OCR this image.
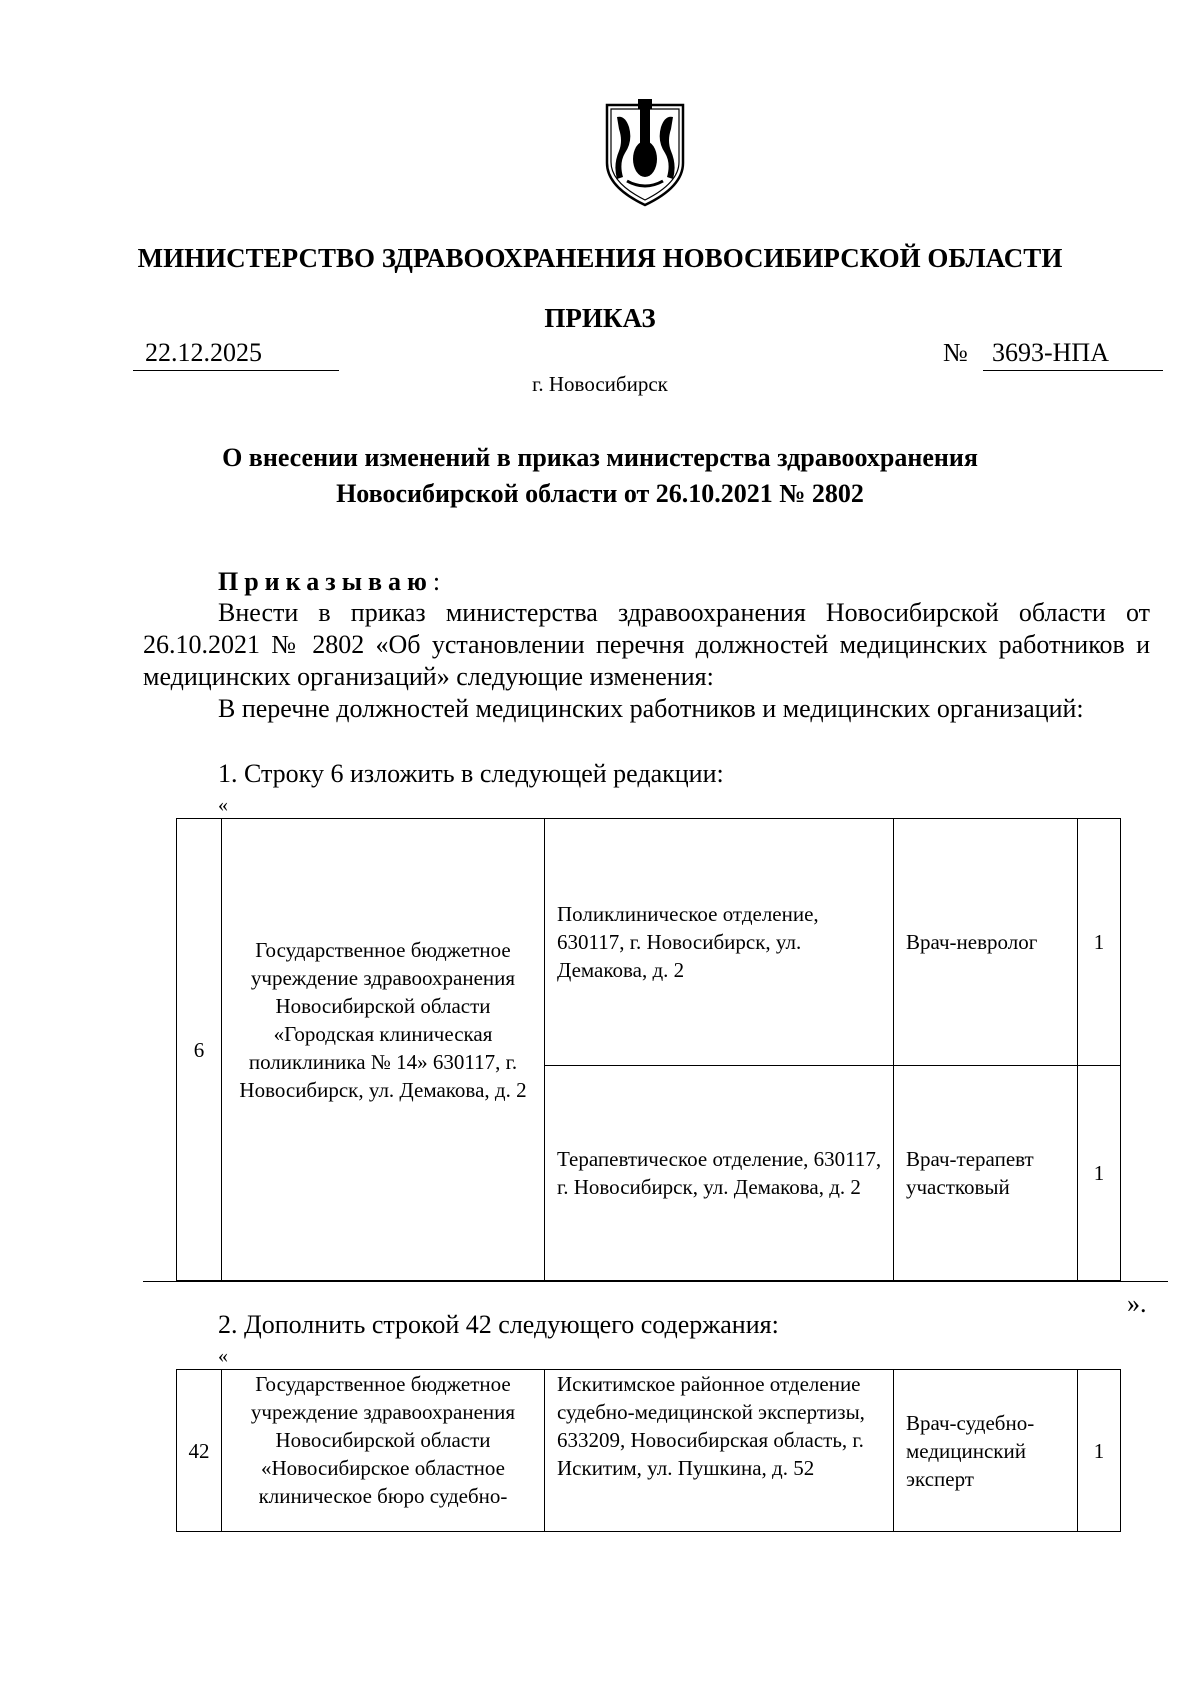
МИНИСТЕРСТВО ЗДРАВООХРАНЕНИЯ НОВОСИБИРСКОЙ ОБЛАСТИ
ПРИКАЗ
22.12.2025	№ 3693-НПА
г. Новосибирск
О внесении изменений в приказ министерства здравоохранения
Новосибирской области от 26.10.2021 № 2802
Приказываю:

Внести в приказ министерства здравоохранения Новосибирской области от 26.10.2021 № 2802 «Об установлении перечня должностей медицинских работников и медицинских организаций» следующие изменения:

В перечне должностей медицинских работников и медицинских организаций:

1. Строку 6 изложить в следующей редакции:
«
6	Государственное бюджетное учреждение здравоохранения Новосибирской области «Городская клиническая поликлиника № 14» 630117, г. Новосибирск, ул. Демакова, д. 2	Поликлиническое отделение, 630117, г. Новосибирск, ул. Демакова, д. 2	Врач-невролог	1
		Терапевтическое отделение, 630117, г. Новосибирск, ул. Демакова, д. 2	Врач-терапевт участковый	1
».
2. Дополнить строкой 42 следующего содержания:
«
42	Государственное бюджетное учреждение здравоохранения Новосибирской области «Новосибирское областное клиническое бюро судебно-	Искитимское районное отделение судебно-медицинской экспертизы, 633209, Новосибирская область, г. Искитим, ул. Пушкина, д. 52	Врач-судебно-медицинский эксперт	1
